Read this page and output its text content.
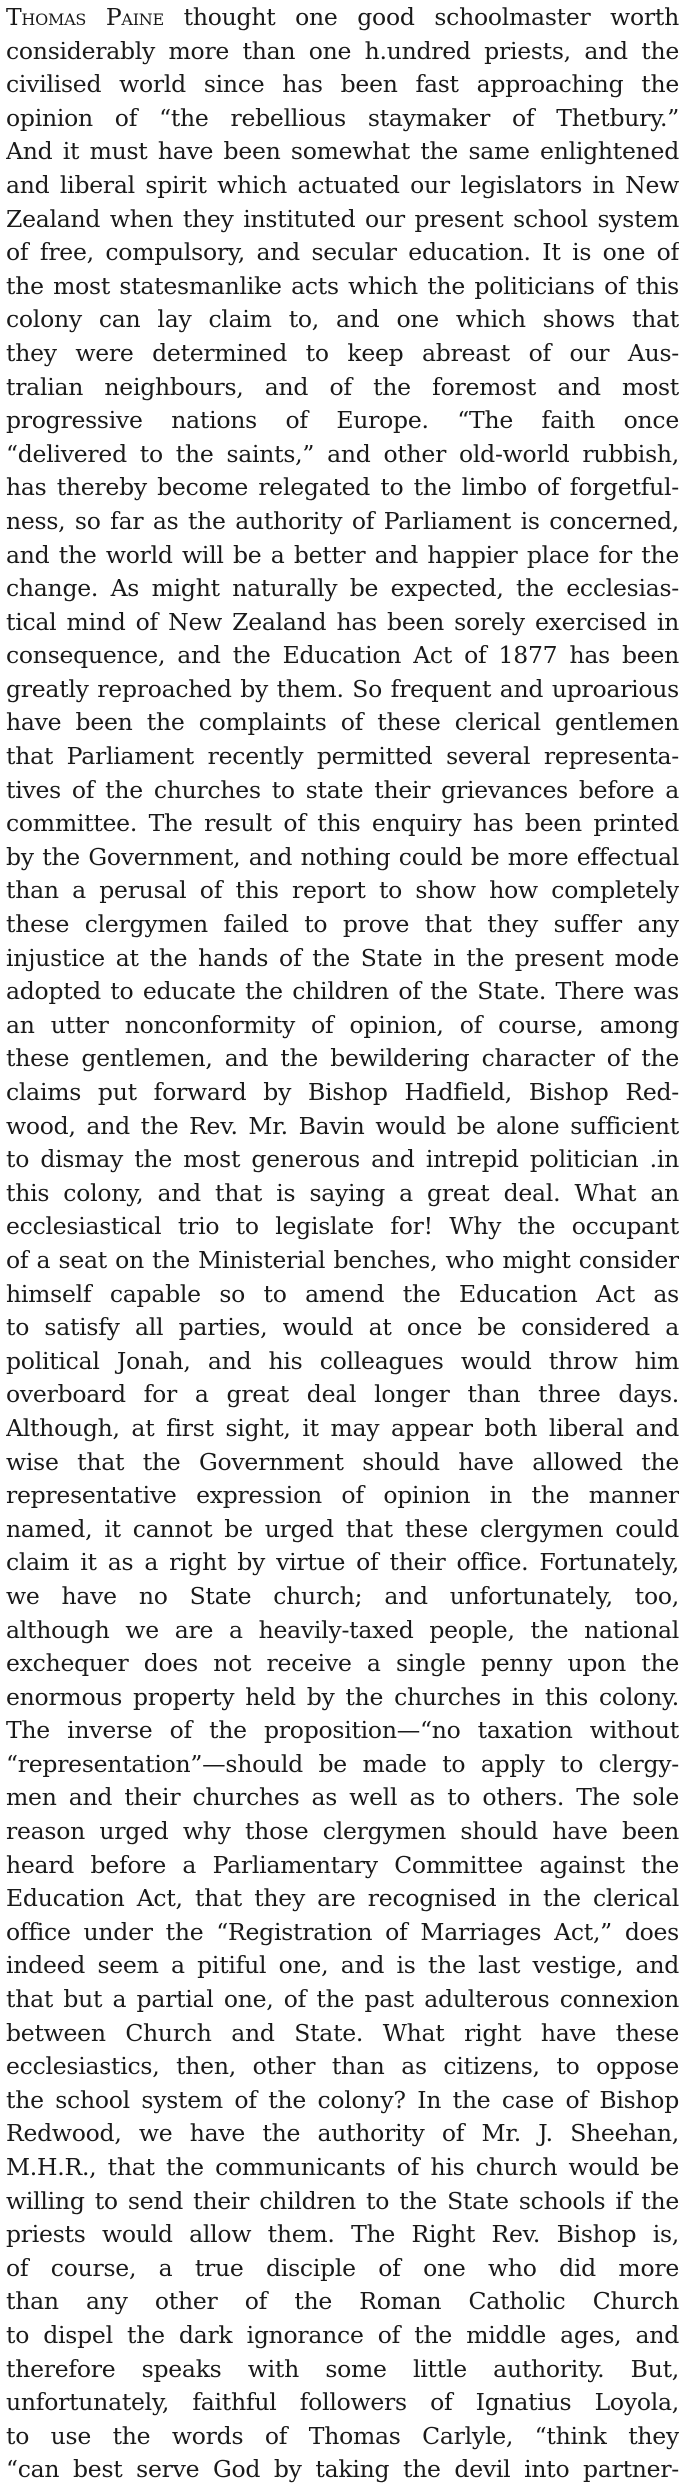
Thomas Paine thought one good schoolmaster worth
considerably more than one h.undred priests, and the
civilised world since has been fast approaching the
opinion of “the rebellious staymaker of Thetbury.”
And it must have been somewhat the same enlightened
and liberal spirit which actuated our legislators in New
Zealand when they instituted our present school system
of free, compulsory, and secular education. It is one of
the most statesmanlike acts which the politicians of this
colony can lay claim to, and one which shows that
they were determined to keep abreast of our Aus-
tralian neighbours, and of the foremost and most
progressive nations of Europe. “The faith once
“delivered to the saints,” and other old-world rubbish,
has thereby become relegated to the limbo of forgetful-
ness, so far as the authority of Parliament is concerned,
and the world will be a better and happier place for the
change. As might naturally be expected, the ecclesias-
tical mind of New Zealand has been sorely exercised in
consequence, and the Education Act of 1877 has been
greatly reproached by them. So frequent and uproarious
have been the complaints of these clerical gentlemen
that Parliament recently permitted several representa-
tives of the churches to state their grievances before a
committee. The result of this enquiry has been printed
by the Government, and nothing could be more effectual
than a perusal of this report to show how completely
these clergymen failed to prove that they suffer any
injustice at the hands of the State in the present mode
adopted to educate the children of the State. There was
an utter nonconformity of opinion, of course, among
these gentlemen, and the bewildering character of the
claims put forward by Bishop Hadfield, Bishop Red-
wood, and the Rev. Mr. Bavin would be alone sufficient
to dismay the most generous and intrepid politician .in
this colony, and that is saying a great deal. What an
ecclesiastical trio to legislate for! Why the occupant
of a seat on the Ministerial benches, who might consider
himself capable so to amend the Education Act as
to satisfy all parties, would at once be considered a
political Jonah, and his colleagues would throw him
overboard for a great deal longer than three days.
Although, at first sight, it may appear both liberal and
wise that the Government should have allowed the
representative expression of opinion in the manner
named, it cannot be urged that these clergymen could
claim it as a right by virtue of their office. Fortunately,
we have no State church; and unfortunately, too,
although we are a heavily-taxed people, the national
exchequer does not receive a single penny upon the
enormous property held by the churches in this colony.
The inverse of the proposition—“no taxation without
“representation”—should be made to apply to clergy-
men and their churches as well as to others. The sole
reason urged why those clergymen should have been
heard before a Parliamentary Committee against the
Education Act, that they are recognised in the clerical
office under the “Registration of Marriages Act,” does
indeed seem a pitiful one, and is the last vestige, and
that but a partial one, of the past adulterous connexion
between Church and State. What right have these
ecclesiastics, then, other than as citizens, to oppose
the school system of the colony? In the case of Bishop
Redwood, we have the authority of Mr. J. Sheehan,
M.H.R., that the communicants of his church would be
willing to send their children to the State schools if the
priests would allow them. The Right Rev. Bishop is,
of course, a true disciple of one who did more
than any other of the Roman Catholic Church
to dispel the dark ignorance of the middle ages, and
therefore speaks with some little authority. But,
unfortunately, faithful followers of Ignatius Loyola,
to use the words of Thomas Carlyle, “think they
“can best serve God by taking the devil into partner-
